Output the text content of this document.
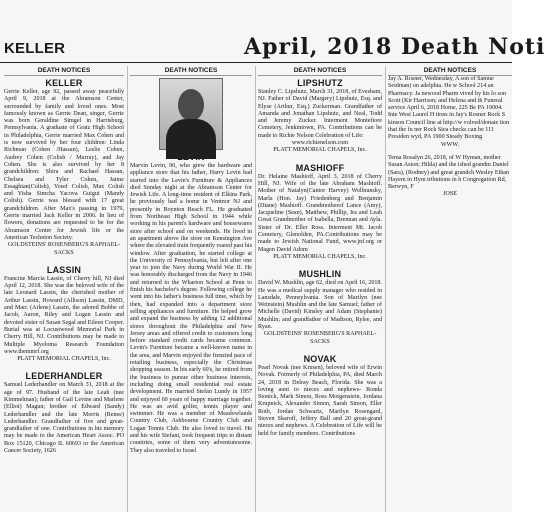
KELLER	April, 2018 Death Noti
DEATH NOTICES	DEATH NOTICES	DEATH NOTICES	DEATH NOTICES
KELLER

Gerrie Keller, age 92, passed away peacefully April 9, 2018 at the Abramson Center, surrounded by family and loved ones. Most famously known as Gerrie Dean, singer, Gerrie was born Geraldine Simgel in Harrisburg, Pennsylvania. A graduate of Gratz High School in Philadelphia, Gerrie married Max Cohen and is now survived by her four children: Linda Richman (Cohen /Hassan), Leslie Cohen, Audrey Cohen (Colish / Murray), and Jay Cohen. She is also survived by her 8 grandchildren: Shira and Rachael Hassan, Chelsea and Tyler Cohen, Jaime Essaghian(Colish), Yosef Colish, Max Colish and Yisha Simcha Yacova Guigui (Mandy Colish). Gerrie was blessed with 17 great grandchildren. After Max's passing in 1979, Gerrie married Jack Keller in 2006. In lieu of flowers, donations are requested to be for the Abramson Center for Jewish life or the American Technion Society.

GOLDSTEINS' ROSENBERG'S RAPHAEL-SACKS

LASSIN

Francine Marcia Lassin, of Cherry hill, NJ died April 12, 2018. She was the beloved wife of the late Leonard Lassin, the cherished mother of Arthur Lassin, Howard (Allison) Lassin, DMD, and Marc (Arlene) Lassin, the adored Bobbe of Jacob, Aaron, Riley and Logan Lassin and devoted sister of Susan Segal and Eileen Cooper. Burial was at Locustwood Memorial Park in Cherry Hill, NJ. Contributions may be made to Multiple Myeloma Research Foundation www.themmrf.org

PLATT MEMORIAL CHAPELS, Inc.

LEDERHANDLER

Samuel Lederhandler on March 31, 2018 at the age of 97. Husband of the late Leah (nee Kimmelman); father of Gail Levine and Marlene (Elliot) Magun; brother of Edward (Sandy) Lederhandler and the late Morris (Renee) Lederhandler. Grandfather of five and great-grandfather of one. Contributions in his memory may be made to the American Heart Assoc. PO Box 15120, Chicago IL 60693 or the American Cancer Society, 1626

Marvin Levin, 90, who grew the hardware and appliance store that his father, Harry Levin had started into the Levin's Furniture & Appliances died Sunday night at the Abramson Center for Jewish Life. A long-time resident of Elkins Park, he previously had a home in Ventnor NJ and presently in Boynton Beach FL. He graduated from Northeast High School in 1944 while working in his parent's hardware and housewares store after school and on weekends. He lived in an apartment above the store on Kensington Ave where the elevated train frequently roared past his window. After graduation, he started college at the University of Pennsylvania, but left after one year to join the Navy during World War II. He was honorably discharged from the Navy in 1946 and returned to the Wharton School at Penn to finish his bachelor's degree. Following college he went into his father's business full time, which by then, had expanded into a department store selling appliances and furniture. He helped grow and expand the business by adding 12 additional stores throughout the Philadelphia and New Jersey areas and offered credit to customers long before standard credit cards became common. Levin's Furniture became a well-known name in the area, and Marvin enjoyed the frenzied pace of retailing business, especially the Christmas shopping season. In his early 60's, he retired from the business to pursue other business interests, including doing small residential real estate development. He married Stefan Lundy in 1957 and enjoyed 60 years of happy marriage together. He was an avid golfer, tennis player and swimmer. He was a member of Meadowlands Country Club, Ashbourne Country Club and Logan Tennis Club. He also loved to travel. He and his wife Stefani, took frequent trips to distant countries, some of them very adventuresome. They also traveled to Israel

LIPSHUTZ

Stanley C. Lipshutz, March 31, 2018, of Evesham, NJ. Father of David (Margery) Lipshutz, Esq. and Elyse (Arthur, Esq.) Zuckerman. Grandfather of Amanda and Jonathan Lipshutz, and Neal, Todd and Jeremy Zucker. Interment Montefiore Cemetery, Jenkintown, PA. Contributions can be made to Richie Nelson Celebration of Life:

www.richienelson.com

PLATT MEMORIAL CHAPELS, Inc.

MASHIOFF

Dr. Helaine Mashioff, April 3, 2018 of Cherry Hill, NJ. Wife of the late Abraham Mashioff. Mother of Natalyn(Cantor Harvey) Wolbransky, Marla (Hon. Jay) Friedenberg and Benjamin (Diane) Mashioff. Grandmotherof Lance (Amy), Jacqueline (Sean), Matthew, Phillip, Ira and Leah Great Grandmother of Isabella, Brennan and Ayla. Sister of Dr. Eller Ross. Interment Mt. Jacob Cemetery, Glenolden, PA.Contributions may be made to Jewish National Fund, www.jnf.org or Magen David Adom

PLATT MEMORIAL CHAPELS, Inc.

MUSHLIN

David W. Mushlin, age 62, died on April 16, 2018. He was a medical supply manager who resided in Lansdale, Pennsylvania. Son of Marilyn (nee Weinstein) Mushlin and the late Samuel; father of Michelle (David) Kinsley and Adam (Stephanie) Mushlin; and grandfather of Madison, Rylee, and Ryan.

GOLDSTEINS' ROSENBERG'S RAPHAEL-SACKS

NOVAK

Pearl Novak (nee Krusen), beloved wife of Erwin Novak. Formerly of Philadelphia, PA, died March 24, 2018 in Delray Beach, Florida. She was a loving aunt to nieces and nephews- Ronda Stonick, Mark Simon, Ross Morgenstein, Jordana Krupnick, Alexander Simon, Sarah Simon, Eller Roth, Jordan Schwartz, Marilyn Rosengard, Steven Skaroff, Jeffery Ball and 20 great-grand nieces and nephews. A Celebration of Life will be held for family members. Contributions

Jay A. Rosner, Wednesday, A son of Samue Seidman) on adelphia. He w School 214 an Pharmacy. Ja newood Pharm vived by his lo son Scott (Kir Harrison; and Helena and th Funeral service April 6, 2018 Home, 225 Be PA 19004. Inte West Laurel H tions in Jay's Rosner Rock S kinson Council line at http://w volved/donate tion that the fu ner Rock Stea checks can be 111 Presiden wyd, PA 1900 Steady Boxing

WWW.

Tema Rosalyn 26, 2018, of W Hyman, mother Susan Aston; Hilda) and the ished grandm Daniel (Sara), (Rodney) and great grandch Wesley Ethan Hayem in Hym tributions in h Congregation Rd, Berwyn, F

JOSE
